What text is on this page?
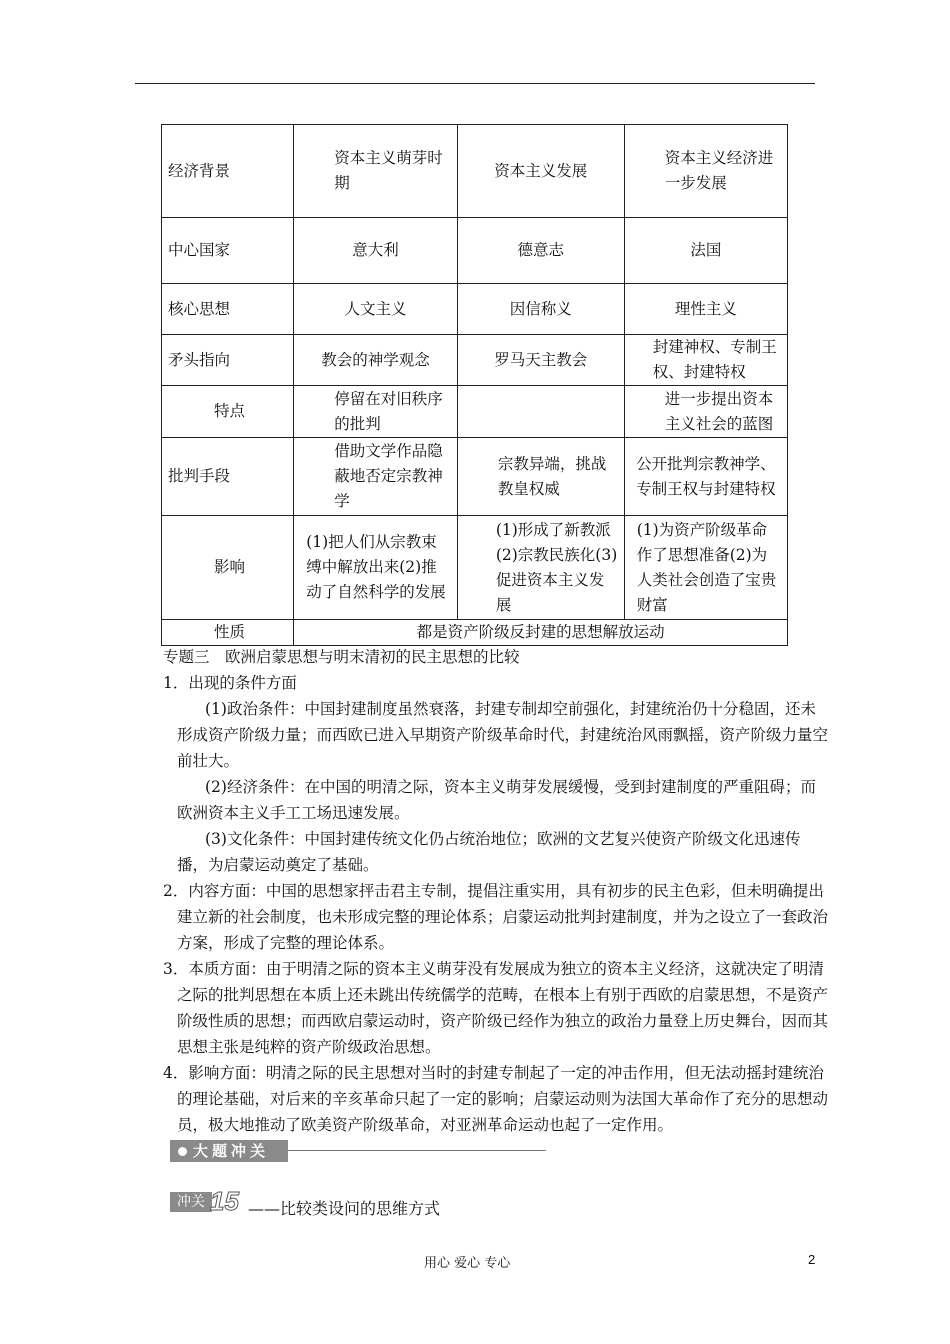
经济背景	资本主义萌芽时期	资本主义发展	资本主义经济进一步发展
中心国家	意大利	德意志	法国
核心思想	人文主义	因信称义	理性主义
矛头指向	教会的神学观念	罗马天主教会	封建神权、专制王权、封建特权
特点	停留在对旧秩序的批判		进一步提出资本主义社会的蓝图
批判手段	借助文学作品隐蔽地否定宗教神学	宗教异端，挑战教皇权威	公开批判宗教神学、专制王权与封建特权
影响	(1)把人们从宗教束缚中解放出来(2)推动了自然科学的发展	(1)形成了新教派(2)宗教民族化(3)促进资本主义发展	(1)为资产阶级革命作了思想准备(2)为人类社会创造了宝贵财富
性质	都是资产阶级反封建的思想解放运动		

专题三　欧洲启蒙思想与明末清初的民主思想的比较

1．出现的条件方面

(1)政治条件：中国封建制度虽然衰落，封建专制却空前强化，封建统治仍十分稳固，还未形成资产阶级力量；而西欧已进入早期资产阶级革命时代，封建统治风雨飘摇，资产阶级力量空前壮大。

(2)经济条件：在中国的明清之际，资本主义萌芽发展缓慢，受到封建制度的严重阻碍；而欧洲资本主义手工工场迅速发展。

(3)文化条件：中国封建传统文化仍占统治地位；欧洲的文艺复兴使资产阶级文化迅速传播，为启蒙运动奠定了基础。

2．内容方面：中国的思想家抨击君主专制，提倡注重实用，具有初步的民主色彩，但未明确提出建立新的社会制度，也未形成完整的理论体系；启蒙运动批判封建制度，并为之设立了一套政治方案，形成了完整的理论体系。

3．本质方面：由于明清之际的资本主义萌芽没有发展成为独立的资本主义经济，这就决定了明清之际的批判思想在本质上还未跳出传统儒学的范畴，在根本上有别于西欧的启蒙思想，不是资产阶级性质的思想；而西欧启蒙运动时，资产阶级已经作为独立的政治力量登上历史舞台，因而其思想主张是纯粹的资产阶级政治思想。

4．影响方面：明清之际的民主思想对当时的封建专制起了一定的冲击作用，但无法动摇封建统治的理论基础，对后来的辛亥革命只起了一定的影响；启蒙运动则为法国大革命作了充分的思想动员，极大地推动了欧美资产阶级革命，对亚洲革命运动也起了一定作用。

大题冲关
冲关 15 ——比较类设问的思维方式
用心 爱心 专心	2
